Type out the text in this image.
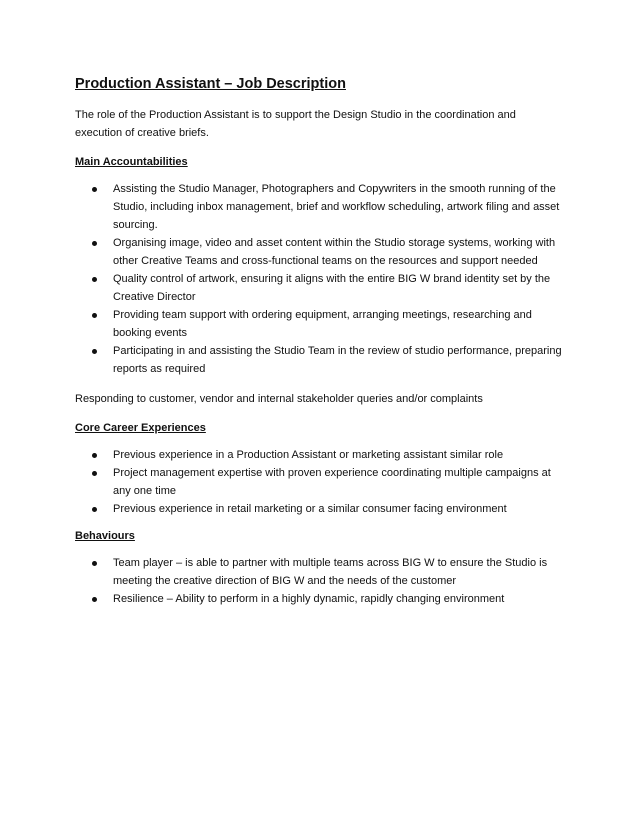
Production Assistant – Job Description

The role of the Production Assistant is to support the Design Studio in the coordination and execution of creative briefs.

Main Accountabilities
Assisting the Studio Manager, Photographers and Copywriters in the smooth running of the Studio, including inbox management, brief and workflow scheduling, artwork filing and asset sourcing.
Organising image, video and asset content within the Studio storage systems, working with other Creative Teams and cross-functional teams on the resources and support needed
Quality control of artwork, ensuring it aligns with the entire BIG W brand identity set by the Creative Director
Providing team support with ordering equipment, arranging meetings, researching and booking events
Participating in and assisting the Studio Team in the review of studio performance, preparing reports as required

Responding to customer, vendor and internal stakeholder queries and/or complaints

Core Career Experiences
Previous experience in a Production Assistant or marketing assistant similar role
Project management expertise with proven experience coordinating multiple campaigns at any one time
Previous experience in retail marketing or a similar consumer facing environment
Behaviours
Team player – is able to partner with multiple teams across BIG W to ensure the Studio is meeting the creative direction of BIG W and the needs of the customer
Resilience – Ability to perform in a highly dynamic, rapidly changing environment
